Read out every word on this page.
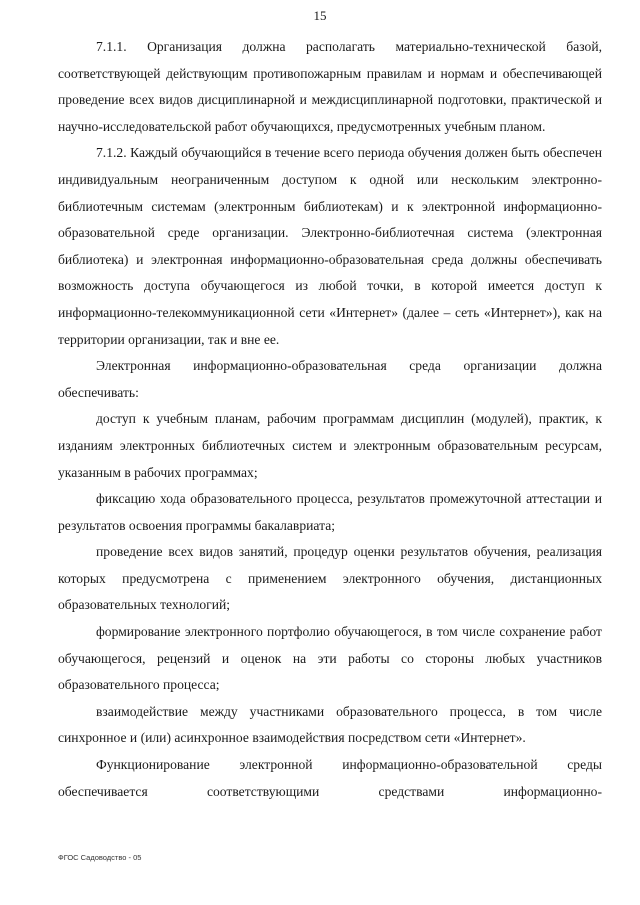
15

7.1.1. Организация должна располагать материально-технической базой, соответствующей действующим противопожарным правилам и нормам и обеспечивающей проведение всех видов дисциплинарной и междисциплинарной подготовки, практической и научно-исследовательской работ обучающихся, предусмотренных учебным планом.

7.1.2. Каждый обучающийся в течение всего периода обучения должен быть обеспечен индивидуальным неограниченным доступом к одной или нескольким электронно-библиотечным системам (электронным библиотекам) и к электронной информационно-образовательной среде организации. Электронно-библиотечная система (электронная библиотека) и электронная информационно-образовательная среда должны обеспечивать возможность доступа обучающегося из любой точки, в которой имеется доступ к информационно-телекоммуникационной сети «Интернет» (далее – сеть «Интернет»), как на территории организации, так и вне ее.

Электронная информационно-образовательная среда организации должна обеспечивать:

доступ к учебным планам, рабочим программам дисциплин (модулей), практик, к изданиям электронных библиотечных систем и электронным образовательным ресурсам, указанным в рабочих программах;

фиксацию хода образовательного процесса, результатов промежуточной аттестации и результатов освоения программы бакалавриата;

проведение всех видов занятий, процедур оценки результатов обучения, реализация которых предусмотрена с применением электронного обучения, дистанционных образовательных технологий;

формирование электронного портфолио обучающегося, в том числе сохранение работ обучающегося, рецензий и оценок на эти работы со стороны любых участников образовательного процесса;

взаимодействие между участниками образовательного процесса, в том числе синхронное и (или) асинхронное взаимодействия посредством сети «Интернет».

Функционирование электронной информационно-образовательной среды обеспечивается соответствующими средствами информационно-

ФГОС Садоводство - 05
